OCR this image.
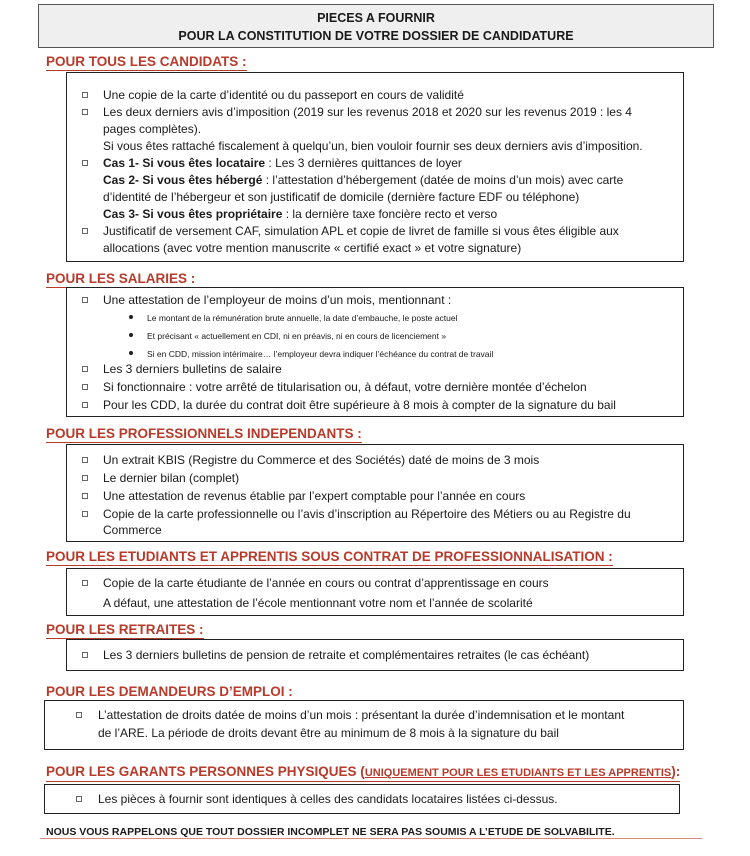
PIECES A FOURNIR
POUR LA CONSTITUTION DE VOTRE DOSSIER DE CANDIDATURE
POUR TOUS LES CANDIDATS :
Une copie de la carte d’identité ou du passeport en cours de validité
Les deux derniers avis d’imposition (2019 sur les revenus 2018 et 2020 sur les revenus 2019 : les 4
pages complètes).
Si vous êtes rattaché fiscalement à quelqu’un, bien vouloir fournir ses deux derniers avis d’imposition.
Cas 1- Si vous êtes locataire : Les 3 dernières quittances de loyer
Cas 2- Si vous êtes hébergé : l’attestation d’hébergement (datée de moins d’un mois) avec carte
d’identité de l’hébergeur et son justificatif de domicile (dernière facture EDF ou téléphone)
Cas 3- Si vous êtes propriétaire : la dernière taxe foncière recto et verso
Justificatif de versement CAF, simulation APL et copie de livret de famille si vous êtes éligible aux
allocations (avec votre mention manuscrite « certifié exact » et votre signature)
POUR LES SALARIES :
Une attestation de l’employeur de moins d’un mois, mentionnant :
Le montant de la rémunération brute annuelle, la date d’embauche, le poste actuel
Et précisant « actuellement en CDI, ni en préavis, ni en cours de licenciement »
Si en CDD, mission intérimaire… l’employeur devra indiquer l’échéance du contrat de travail
Les 3 derniers bulletins de salaire
Si fonctionnaire : votre arrêté de titularisation ou, à défaut, votre dernière montée d’échelon
Pour les CDD, la durée du contrat doit être supérieure à 8 mois à compter de la signature du bail
POUR LES PROFESSIONNELS INDEPENDANTS :
Un extrait KBIS (Registre du Commerce et des Sociétés) daté de moins de 3 mois
Le dernier bilan (complet)
Une attestation de revenus établie par l’expert comptable pour l’année en cours
Copie de la carte professionnelle ou l’avis d’inscription au Répertoire des Métiers ou au Registre du
Commerce
POUR LES ETUDIANTS ET APPRENTIS SOUS CONTRAT DE PROFESSIONNALISATION :
Copie de la carte étudiante de l’année en cours ou contrat d’apprentissage en cours
A défaut, une attestation de l’école mentionnant votre nom et l’année de scolarité
POUR LES RETRAITES :
Les 3 derniers bulletins de pension de retraite et complémentaires retraites (le cas échéant)
POUR LES DEMANDEURS D’EMPLOI :
L’attestation de droits datée de moins d’un mois : présentant la durée d’indemnisation et le montant
de l’ARE. La période de droits devant être au minimum de 8 mois à la signature du bail
POUR LES GARANTS PERSONNES PHYSIQUES (UNIQUEMENT POUR LES ETUDIANTS ET LES APPRENTIS):
Les pièces à fournir sont identiques à celles des candidats locataires listées ci-dessus.
NOUS VOUS RAPPELONS QUE TOUT DOSSIER INCOMPLET NE SERA PAS SOUMIS A L’ETUDE DE SOLVABILITE.
